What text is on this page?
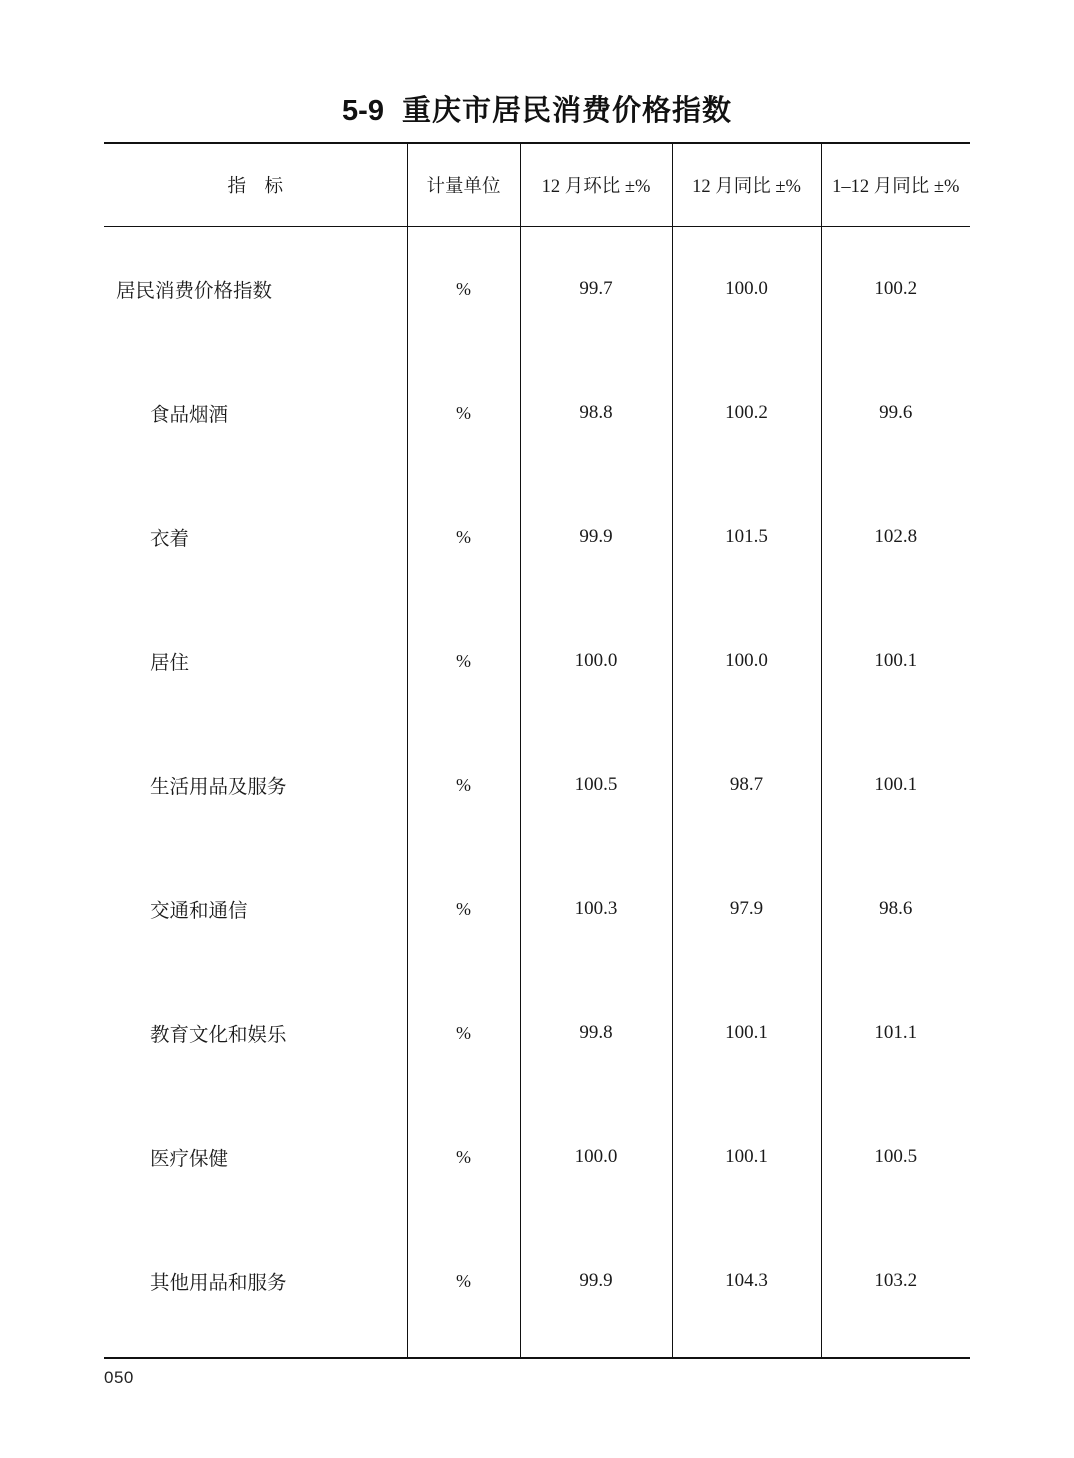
5-9 重庆市居民消费价格指数

指　标	计量单位	12 月环比 ±%	12 月同比 ±%	1–12 月同比 ±%
居民消费价格指数	%	99.7	100.0	100.2
食品烟酒	%	98.8	100.2	99.6
衣着	%	99.9	101.5	102.8
居住	%	100.0	100.0	100.1
生活用品及服务	%	100.5	98.7	100.1
交通和通信	%	100.3	97.9	98.6
教育文化和娱乐	%	99.8	100.1	101.1
医疗保健	%	100.0	100.1	100.5
其他用品和服务	%	99.9	104.3	103.2

050
